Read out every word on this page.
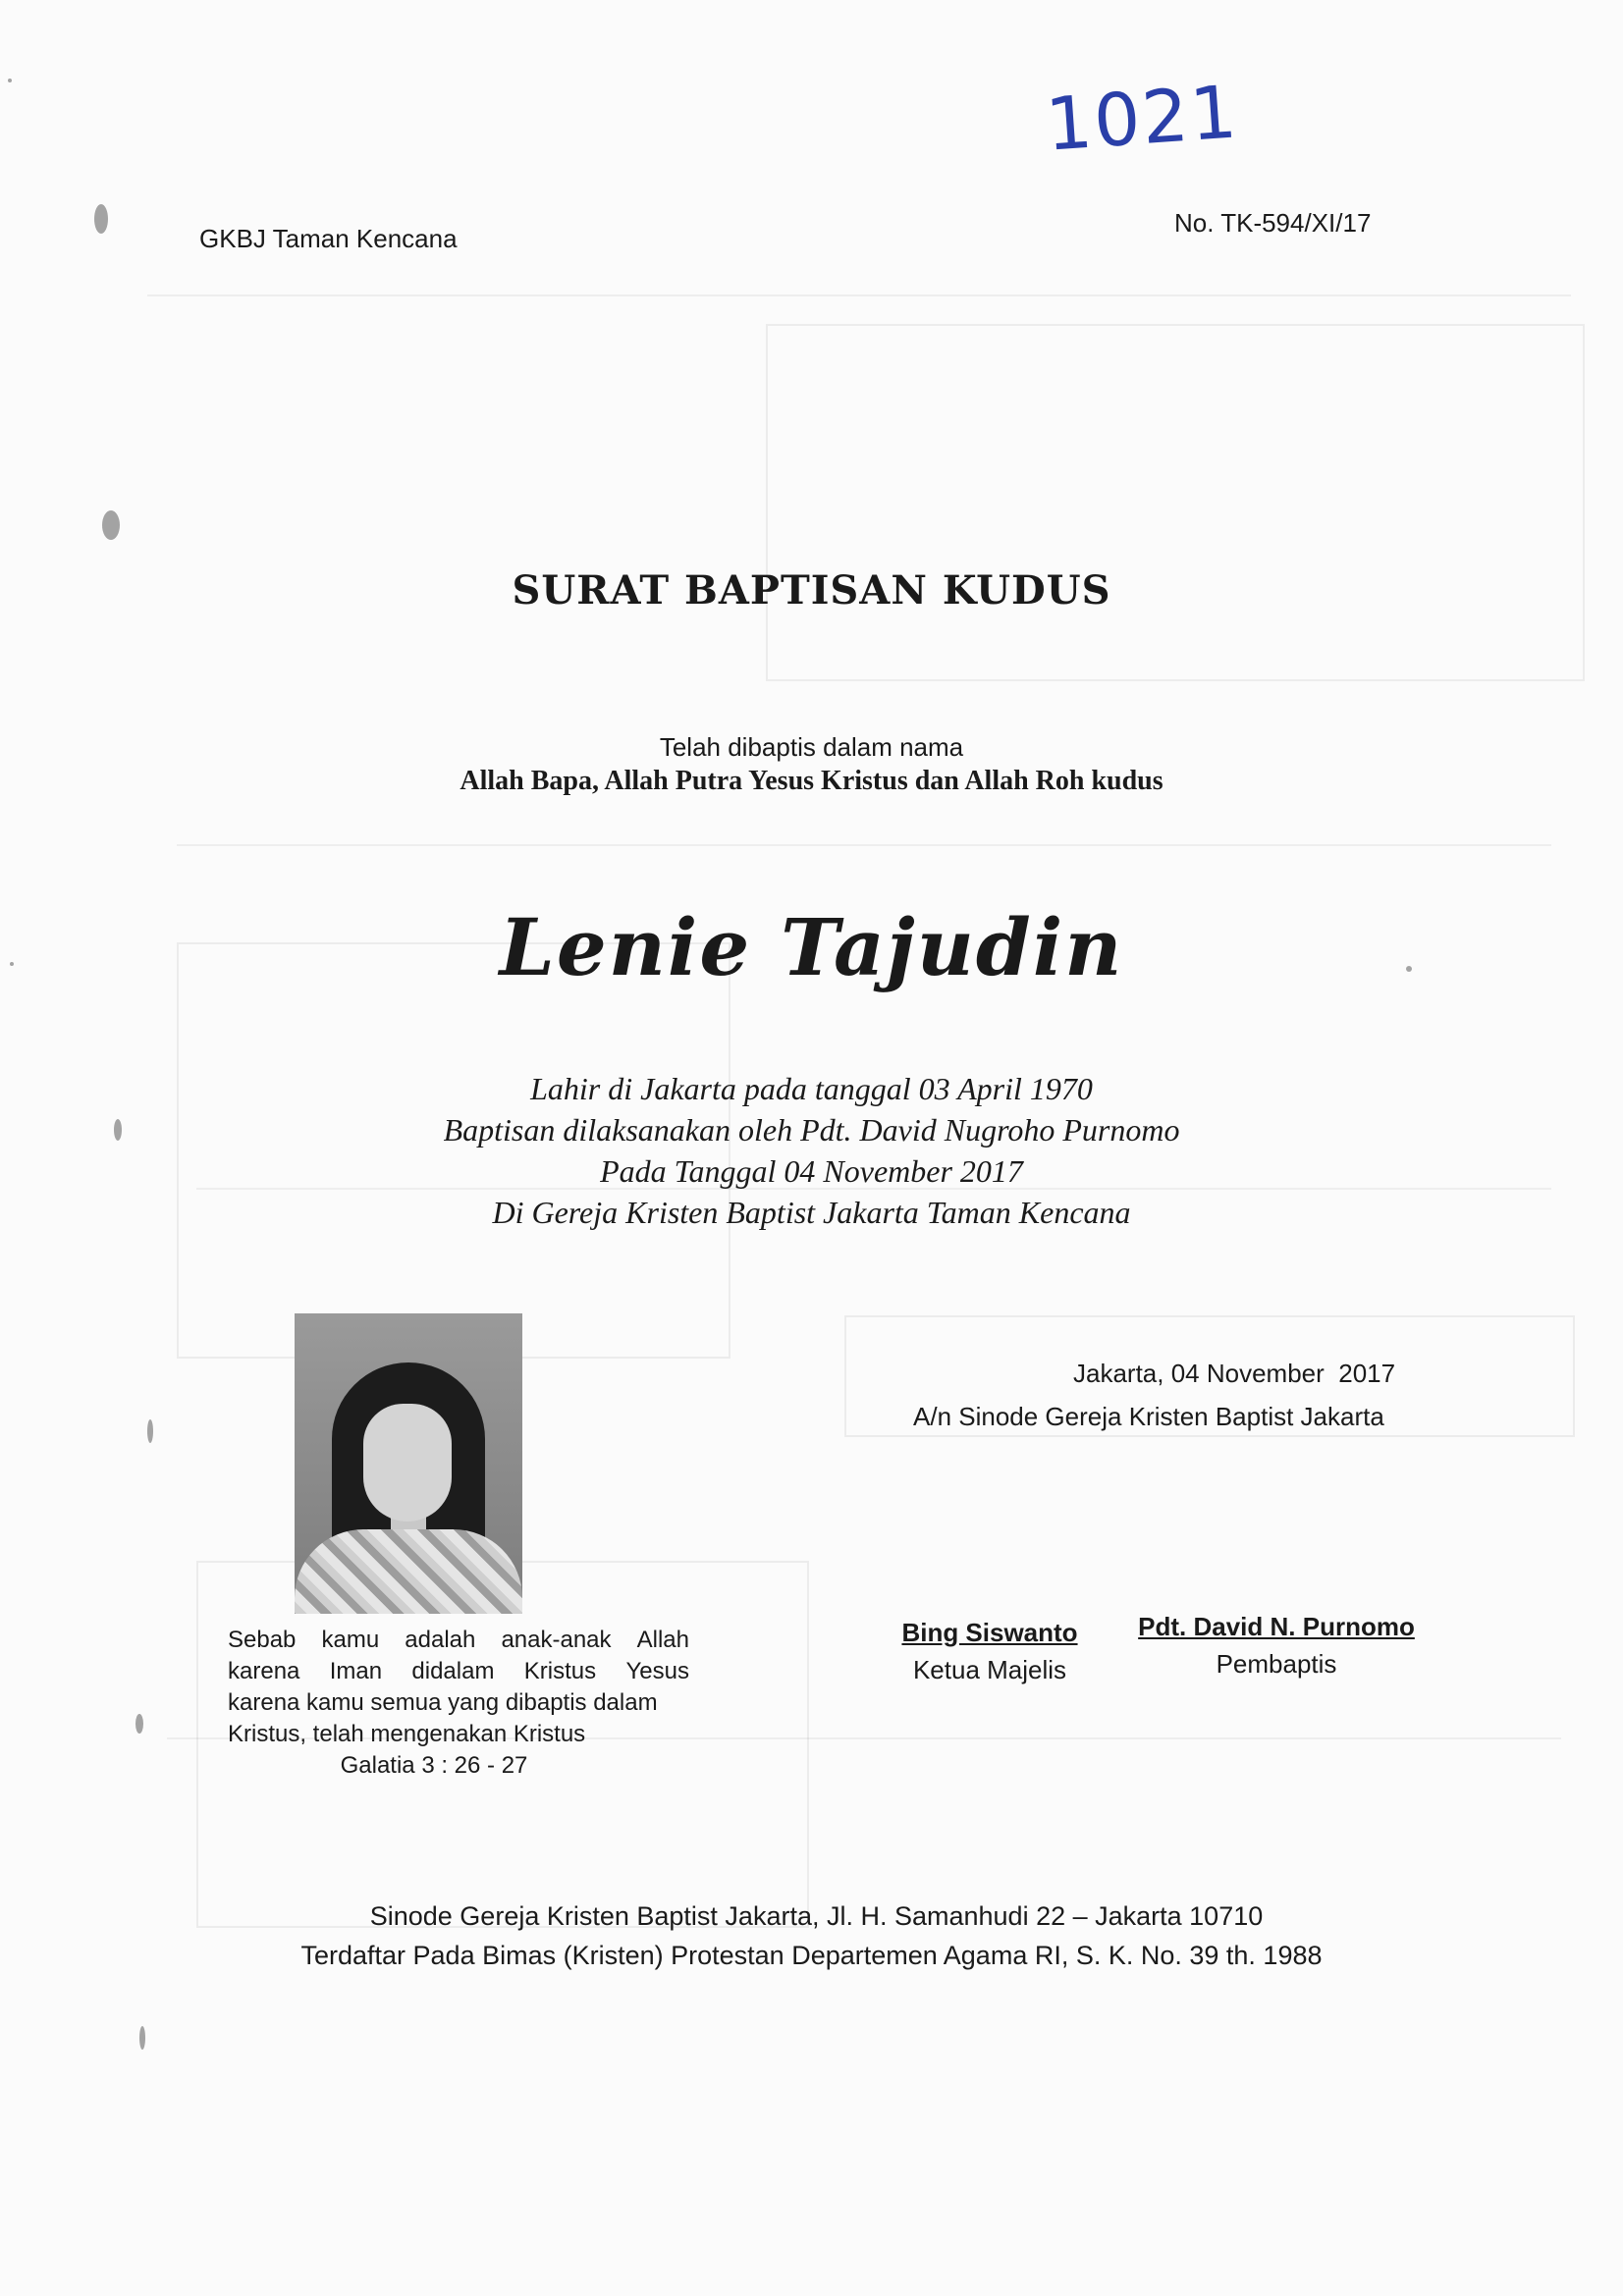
1021
GKBJ Taman Kencana
No. TK-594/XI/17
SURAT BAPTISAN KUDUS
Telah dibaptis dalam nama
Allah Bapa, Allah Putra Yesus Kristus dan Allah Roh kudus
Lenie Tajudin
Lahir di Jakarta pada tanggal 03 April 1970
Baptisan dilaksanakan oleh Pdt. David Nugroho Purnomo
Pada Tanggal 04 November 2017
Di Gereja Kristen Baptist Jakarta Taman Kencana
Jakarta, 04 November  2017
A/n Sinode Gereja Kristen Baptist Jakarta
Sebab kamu adalah anak-anak Allah
karena Iman didalam Kristus Yesus
karena kamu semua yang dibaptis dalam
Kristus, telah mengenakan Kristus
Galatia 3 : 26 - 27
Bing Siswanto
Ketua Majelis
Pdt. David N. Purnomo
Pembaptis
Sinode Gereja Kristen Baptist Jakarta, Jl. H. Samanhudi 22 – Jakarta 10710
Terdaftar Pada Bimas (Kristen) Protestan Departemen Agama RI, S. K. No. 39 th. 1988
